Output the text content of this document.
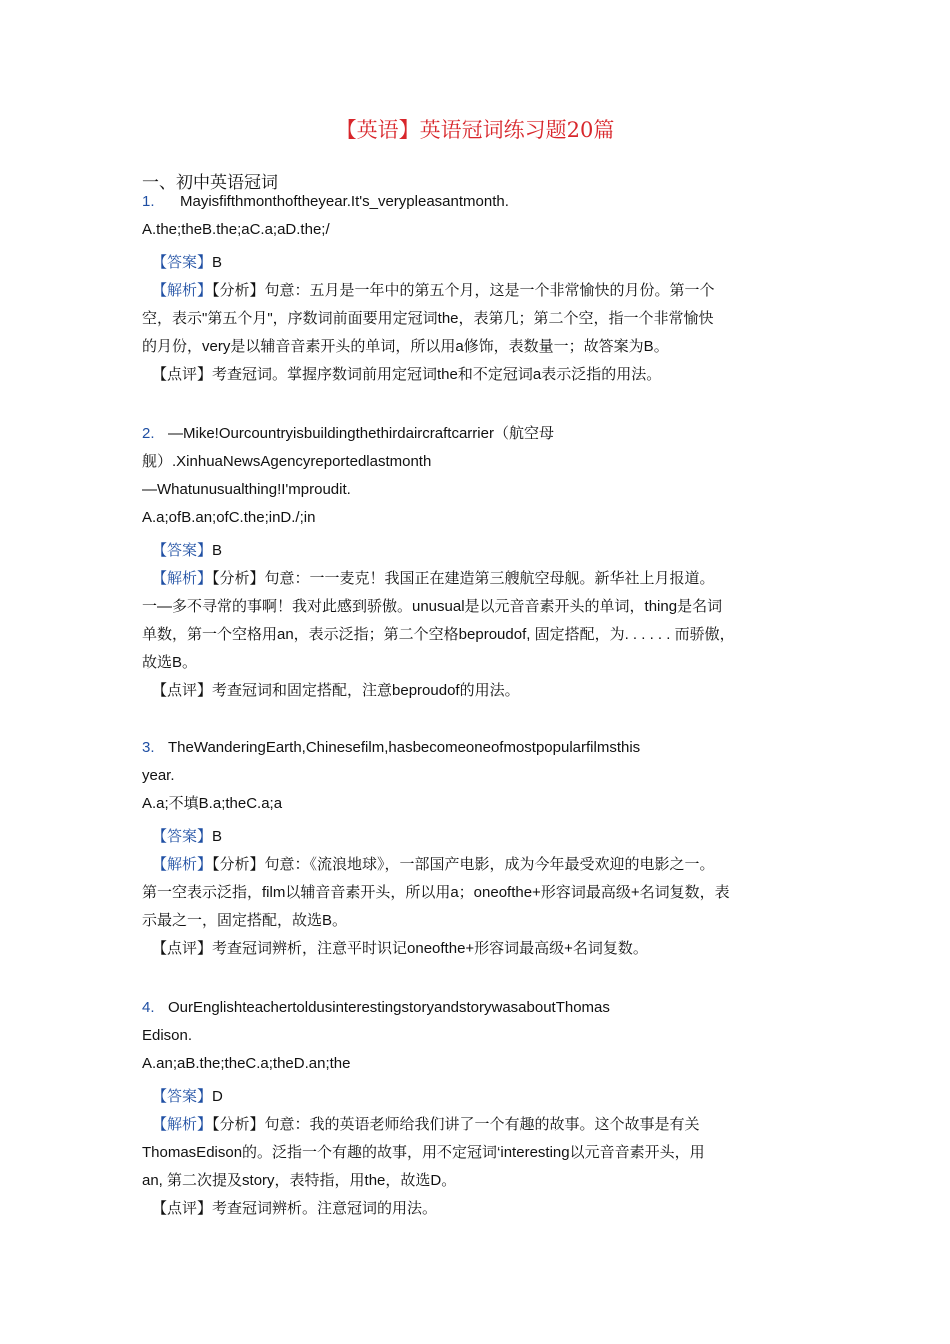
【英语】英语冠词练习题20篇
一、初中英语冠词
1. Mayisfifthmonthoftheyear.It's_verypleasantmonth.
A.the;theB.the;aC.a;aD.the;/
【答案】B
【解析】【分析】句意：五月是一年中的第五个月，这是一个非常愉快的月份。第一个
空，表示"第五个月"，序数词前面要用定冠词the，表第几；第二个空，指一个非常愉快
的月份，very是以辅音音素开头的单词，所以用a修饰，表数量一；故答案为B。
【点评】考查冠词。掌握序数词前用定冠词the和不定冠词a表示泛指的用法。
2. —Mike!Ourcountryisbuildingthethirdaircraftcarrier（航空母
舰）.XinhuaNewsAgencyreportedlastmonth
—Whatunusualthing!I'mproudit.
A.a;ofB.an;ofC.the;inD./;in
【答案】B
【解析】【分析】句意：一一麦克！我国正在建造第三艘航空母舰。新华社上月报道。
一—多不寻常的事啊！我对此感到骄傲。unusual是以元音音素开头的单词，thing是名词
单数，第一个空格用an，表示泛指；第二个空格beproudof, 固定搭配，为. . . . . . 而骄傲，
故选B。
【点评】考查冠词和固定搭配，注意beproudof的用法。
3. TheWanderingEarth,Chinesefilm,hasbecomeoneofmostpopularfilmsthis
year.
A.a;不填B.a;theC.a;a
【答案】B
【解析】【分析】句意：《流浪地球》，一部国产电影，成为今年最受欢迎的电影之一。
第一空表示泛指，film以辅音音素开头，所以用a；oneofthe+形容词最高级+名词复数，表
示最之一，固定搭配，故选B。
【点评】考查冠词辨析，注意平时识记oneofthe+形容词最高级+名词复数。
4. OurEnglishteachertoldusinterestingstoryandstorywasaboutThomas
Edison.
A.an;aB.the;theC.a;theD.an;the
【答案】D
【解析】【分析】句意：我的英语老师给我们讲了一个有趣的故事。这个故事是有关
ThomasEdison的。泛指一个有趣的故事，用不定冠词‘interesting以元音音素开头，用
an, 第二次提及story，表特指，用the，故选D。
【点评】考查冠词辨析。注意冠词的用法。
